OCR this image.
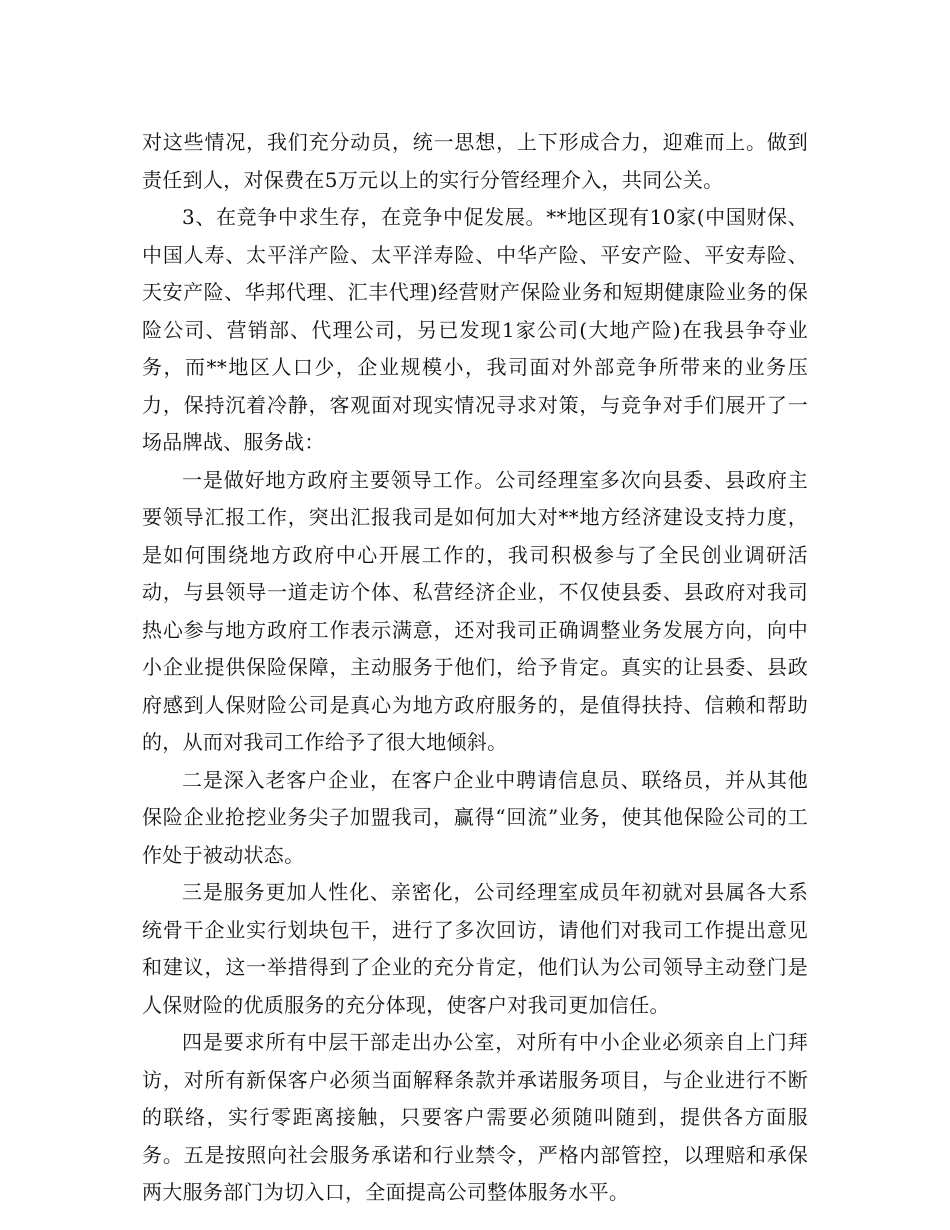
对这些情况，我们充分动员，统一思想，上下形成合力，迎难而上。做到责任到人，对保费在5万元以上的实行分管经理介入，共同公关。

3、在竞争中求生存，在竞争中促发展。**地区现有10家(中国财保、中国人寿、太平洋产险、太平洋寿险、中华产险、平安产险、平安寿险、天安产险、华邦代理、汇丰代理)经营财产保险业务和短期健康险业务的保险公司、营销部、代理公司，另已发现1家公司(大地产险)在我县争夺业务，而**地区人口少，企业规模小，我司面对外部竞争所带来的业务压力，保持沉着冷静，客观面对现实情况寻求对策，与竞争对手们展开了一场品牌战、服务战：

一是做好地方政府主要领导工作。公司经理室多次向县委、县政府主要领导汇报工作，突出汇报我司是如何加大对**地方经济建设支持力度，是如何围绕地方政府中心开展工作的，我司积极参与了全民创业调研活动，与县领导一道走访个体、私营经济企业，不仅使县委、县政府对我司热心参与地方政府工作表示满意，还对我司正确调整业务发展方向，向中小企业提供保险保障，主动服务于他们，给予肯定。真实的让县委、县政府感到人保财险公司是真心为地方政府服务的，是值得扶持、信赖和帮助的，从而对我司工作给予了很大地倾斜。

二是深入老客户企业，在客户企业中聘请信息员、联络员，并从其他保险企业抢挖业务尖子加盟我司，赢得“回流”业务，使其他保险公司的工作处于被动状态。

三是服务更加人性化、亲密化，公司经理室成员年初就对县属各大系统骨干企业实行划块包干，进行了多次回访，请他们对我司工作提出意见和建议，这一举措得到了企业的充分肯定，他们认为公司领导主动登门是人保财险的优质服务的充分体现，使客户对我司更加信任。

四是要求所有中层干部走出办公室，对所有中小企业必须亲自上门拜访，对所有新保客户必须当面解释条款并承诺服务项目，与企业进行不断的联络，实行零距离接触，只要客户需要必须随叫随到，提供各方面服务。五是按照向社会服务承诺和行业禁令，严格内部管控，以理赔和承保两大服务部门为切入口，全面提高公司整体服务水平。
